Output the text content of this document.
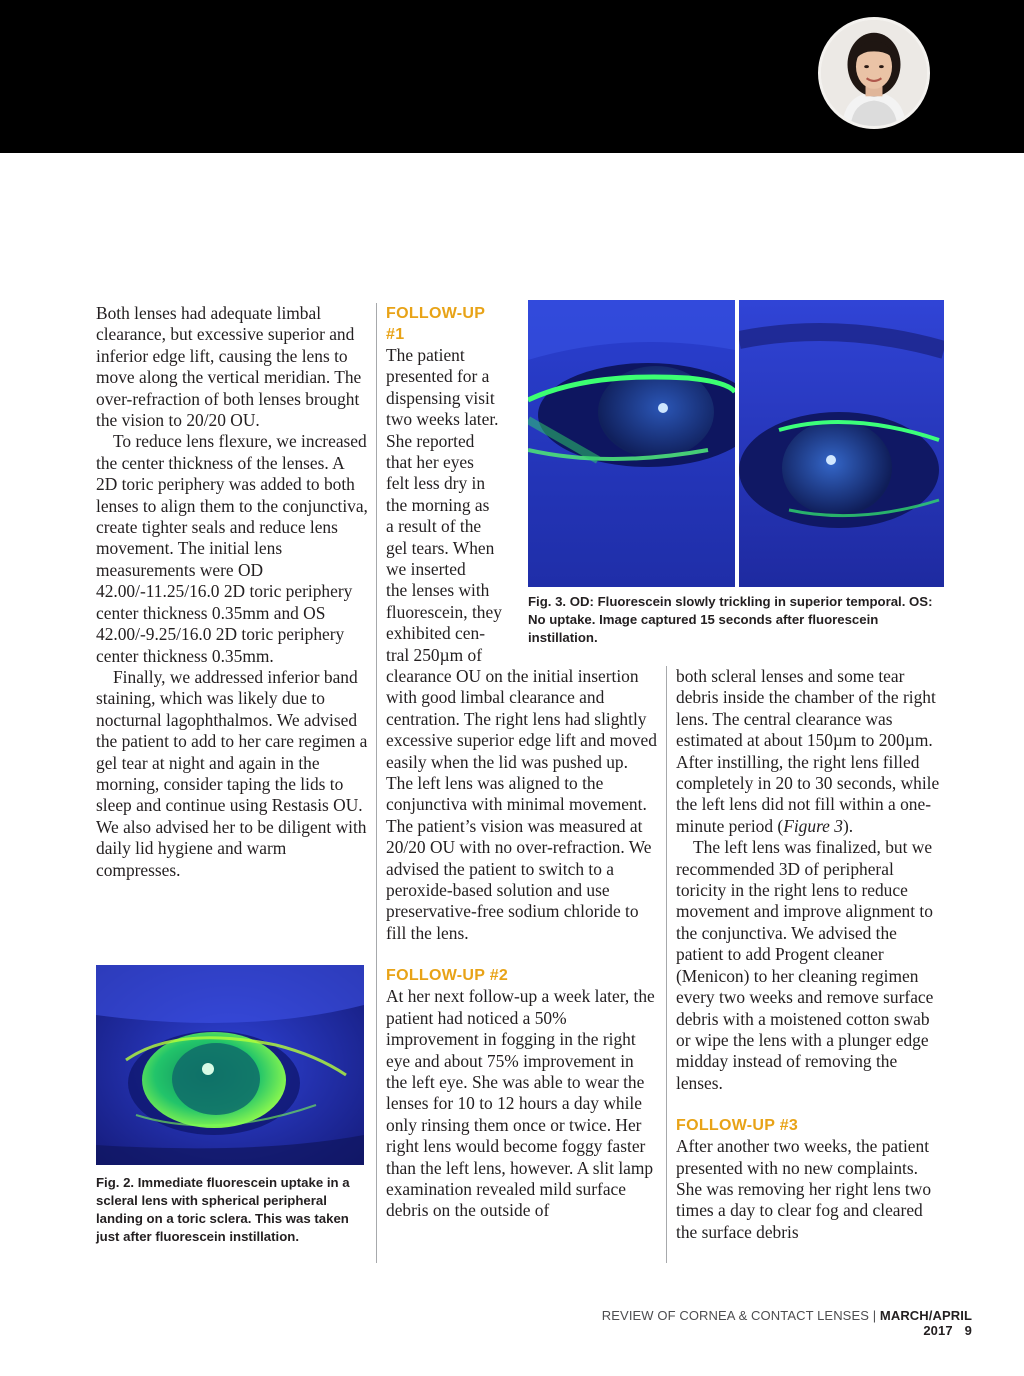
Both lenses had adequate limbal clearance, but excessive superior and inferior edge lift, causing the lens to move along the vertical meridian. The over-refraction of both lenses brought the vision to 20/20 OU.

To reduce lens flexure, we increased the center thickness of the lenses. A 2D toric periphery was added to both lenses to align them to the conjunctiva, create tighter seals and reduce lens movement. The initial lens measurements were OD 42.00/-11.25/16.0 2D toric periphery center thickness 0.35mm and OS 42.00/-9.25/16.0 2D toric periphery center thickness 0.35mm.

Finally, we addressed inferior band staining, which was likely due to nocturnal lagophthalmos. We advised the patient to add to her care regimen a gel tear at night and again in the morning, consider taping the lids to sleep and continue using Restasis OU. We also advised her to be diligent with daily lid hygiene and warm compresses.

Fig. 2. Immediate fluorescein uptake in a scleral lens with spherical peripheral landing on a toric sclera. This was taken just after fluorescein instillation.
FOLLOW-UP
#1
The patient
presented for a
dispensing visit
two weeks later.
She reported
that her eyes
felt less dry in
the morning as
a result of the
gel tears. When
we inserted
the lenses with
fluorescein, they
exhibited cen-
tral 250µm of
Fig. 3. OD: Fluorescein slowly trickling in superior temporal. OS: No uptake. Image captured 15 seconds after fluorescein instillation.

clearance OU on the initial insertion with good limbal clearance and centration. The right lens had slightly excessive superior edge lift and moved easily when the lid was pushed up. The left lens was aligned to the conjunctiva with minimal movement. The patient’s vision was measured at 20/20 OU with no over-refraction. We advised the patient to switch to a peroxide-based solution and use preservative-free sodium chloride to fill the lens.

FOLLOW-UP #2

At her next follow-up a week later, the patient had noticed a 50% improvement in fogging in the right eye and about 75% improvement in the left eye. She was able to wear the lenses for 10 to 12 hours a day while only rinsing them once or twice. Her right lens would become foggy faster than the left lens, however. A slit lamp examination revealed mild surface debris on the outside of

both scleral lenses and some tear debris inside the chamber of the right lens. The central clearance was estimated at about 150µm to 200µm. After instilling, the right lens filled completely in 20 to 30 seconds, while the left lens did not fill within a one-minute period (Figure 3).

The left lens was finalized, but we recommended 3D of peripheral toricity in the right lens to reduce movement and improve alignment to the conjunctiva. We advised the patient to add Progent cleaner (Menicon) to her cleaning regimen every two weeks and remove surface debris with a moistened cotton swab or wipe the lens with a plunger edge midday instead of removing the lenses.

FOLLOW-UP #3

After another two weeks, the patient presented with no new complaints. She was removing her right lens two times a day to clear fog and cleared the surface debris

REVIEW OF CORNEA & CONTACT LENSES | MARCH/APRIL 2017 9
